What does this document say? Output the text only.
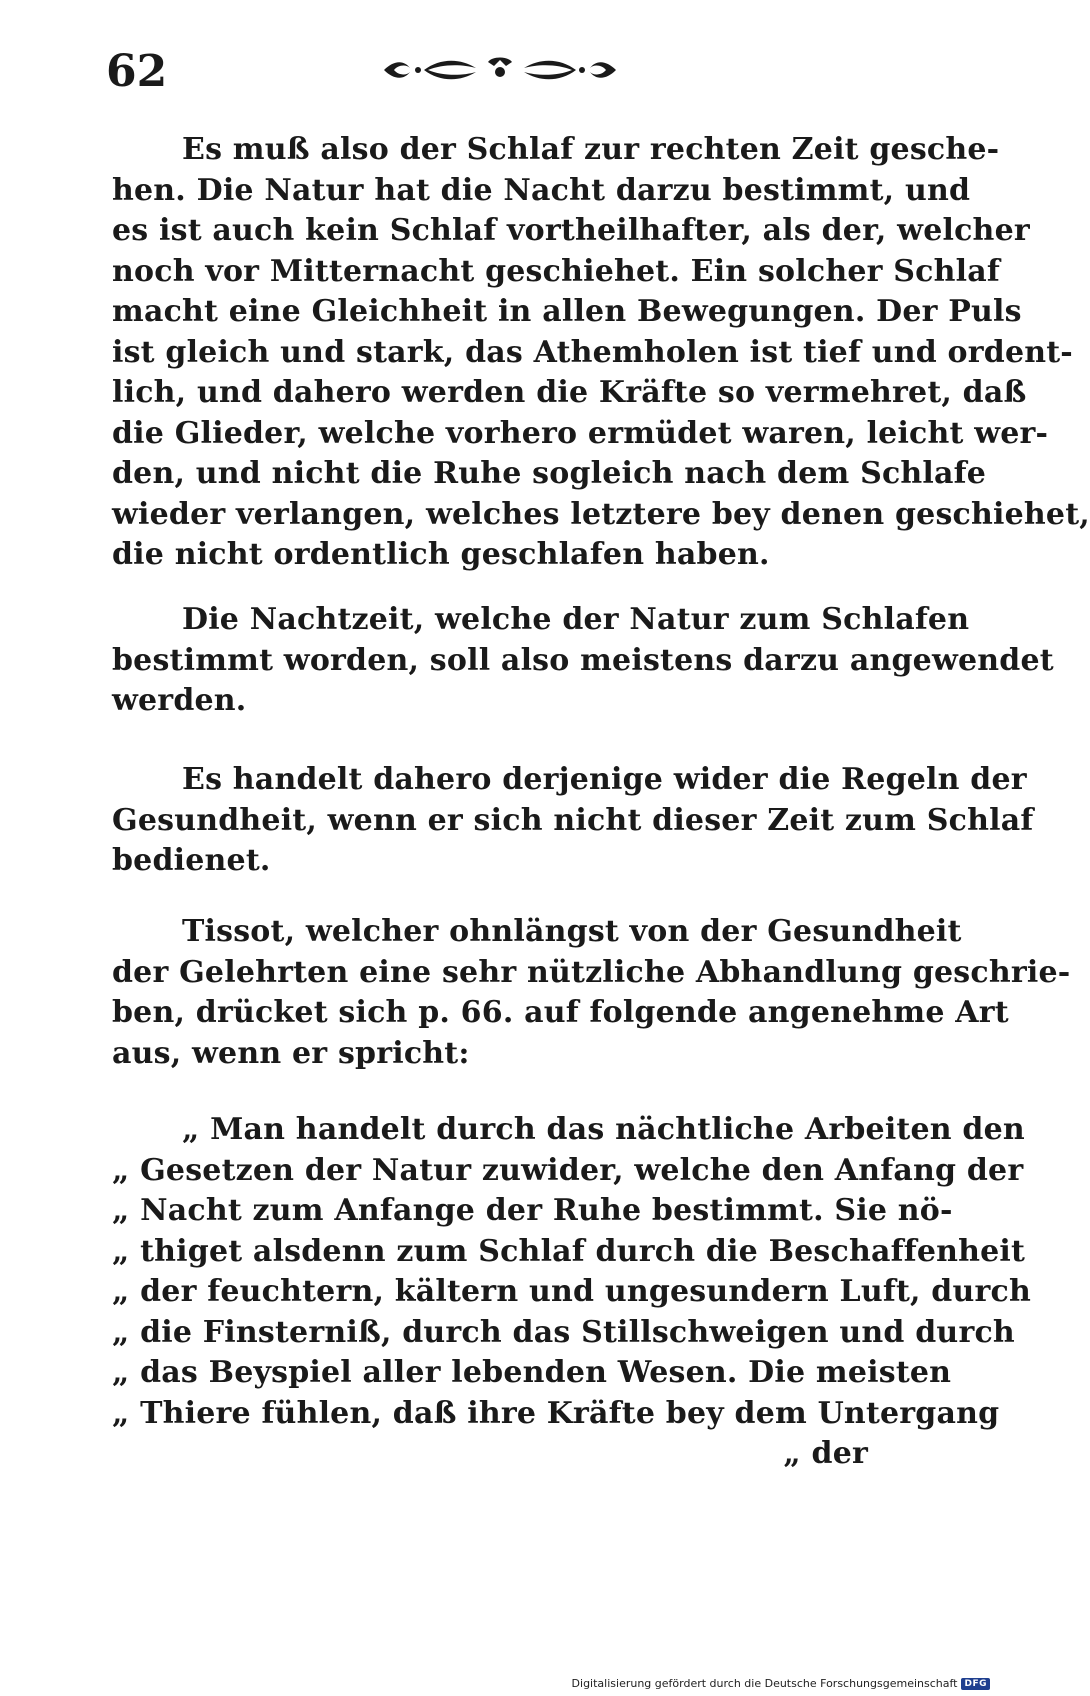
62
Es muß also der Schlaf zur rechten Zeit gesche-
hen. Die Natur hat die Nacht darzu bestimmt, und
es ist auch kein Schlaf vortheilhafter, als der, welcher
noch vor Mitternacht geschiehet. Ein solcher Schlaf
macht eine Gleichheit in allen Bewegungen. Der Puls
ist gleich und stark, das Athemholen ist tief und ordent-
lich, und dahero werden die Kräfte so vermehret, daß
die Glieder, welche vorhero ermüdet waren, leicht wer-
den, und nicht die Ruhe sogleich nach dem Schlafe
wieder verlangen, welches letztere bey denen geschiehet,
die nicht ordentlich geschlafen haben.
Die Nachtzeit, welche der Natur zum Schlafen
bestimmt worden, soll also meistens darzu angewendet
werden.
Es handelt dahero derjenige wider die Regeln der
Gesundheit, wenn er sich nicht dieser Zeit zum Schlaf
bedienet.
Tissot, welcher ohnlängst von der Gesundheit
der Gelehrten eine sehr nützliche Abhandlung geschrie-
ben, drücket sich p. 66. auf folgende angenehme Art
aus, wenn er spricht:
„ Man handelt durch das nächtliche Arbeiten den
„ Gesetzen der Natur zuwider, welche den Anfang der
„ Nacht zum Anfange der Ruhe bestimmt. Sie nö-
„ thiget alsdenn zum Schlaf durch die Beschaffenheit
„ der feuchtern, kältern und ungesundern Luft, durch
„ die Finsterniß, durch das Stillschweigen und durch
„ das Beyspiel aller lebenden Wesen. Die meisten
„ Thiere fühlen, daß ihre Kräfte bey dem Untergang
„ der
Digitalisierung gefördert durch die Deutsche Forschungsgemeinschaft DFG
